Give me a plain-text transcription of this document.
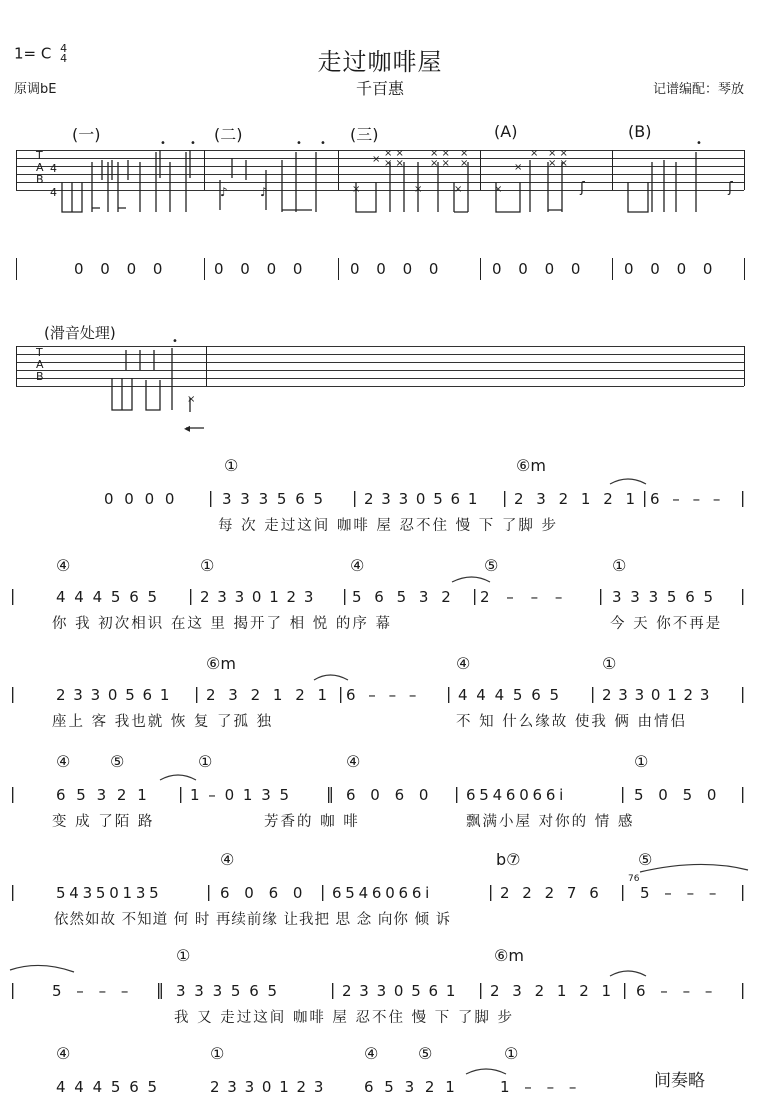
1= C 4
4
原调bE
走过咖啡屋
千百惠	记谱编配：琴放
(一)	(二)	(三)	(A)	(B)
T
A
B
4
4
• •	• •	•
×
× ×
× ×
× ×
× ×
×
×
×	×	×
×
× × ×
× ×
×	ʃ	ʃ
♪	♪
0 0 0 0	0 0 0 0	0 0 0 0	0 0 0 0	0 0 0 0
(滑音处理)
T
A
B
•
×
◂
①	⑥m
0 0 0 0 | 3 3 3 5 6 5 | 2 3 3 0 5 6 1 | 2 3 2 1 2 1 | 6 – – – |
每 次 走过这间 咖啡 屋 忍不住 慢 下 了脚 步
④	①	④	⑤	①
|	4 4 4 5 6 5 | 2 3 3 0 1 2 3 | 5 6 5 3 2 | 2 – – – | 3 3 3 5 6 5 |
你 我 初次相识 在这 里 揭开了 相 悦 的序 幕	今 天 你不再是
⑥m	④	①
|	2 3 3 0 5 6 1 | 2 3 2 1 2 1 | 6 – – – | 4 4 4 5 6 5 | 2 3 3 0 1 2 3 |
座上 客 我也就 恢 复 了孤 独	不 知 什么缘故 使我 俩 由情侣
④ ⑤	①	④	①
|	6 5 3 2 1 | 1 – 0 1 3 5 ‖ 6 0 6 0 | 6 5 4 6 0 6 6 i	| 5 0 5 0 |
变 成 了陌 路	芳香的 咖 啡	飘满小屋 对你的 情 感
④	b⑦	⑤
|	5 4 3 5 0 1 3 5	| 6 0 6 0 | 6 5 4 6 0 6 6 i	| 2 2 2 7 6 |
76
5 – – – |
依然如故 不知道 何 时 再续前缘 让我把 思 念 向你 倾 诉
①	⑥m
| 5 – – – ‖ 3 3 3 5 6 5	| 2 3 3 0 5 6 1 | 2 3 2 1 2 1 | 6 – – – |
我 又 走过这间 咖啡 屋 忍不住 慢 下 了脚 步
④	①	④ ⑤	①
4 4 4 5 6 5	2 3 3 0 1 2 3	6 5 3 2 1	1 – – –	间奏略
